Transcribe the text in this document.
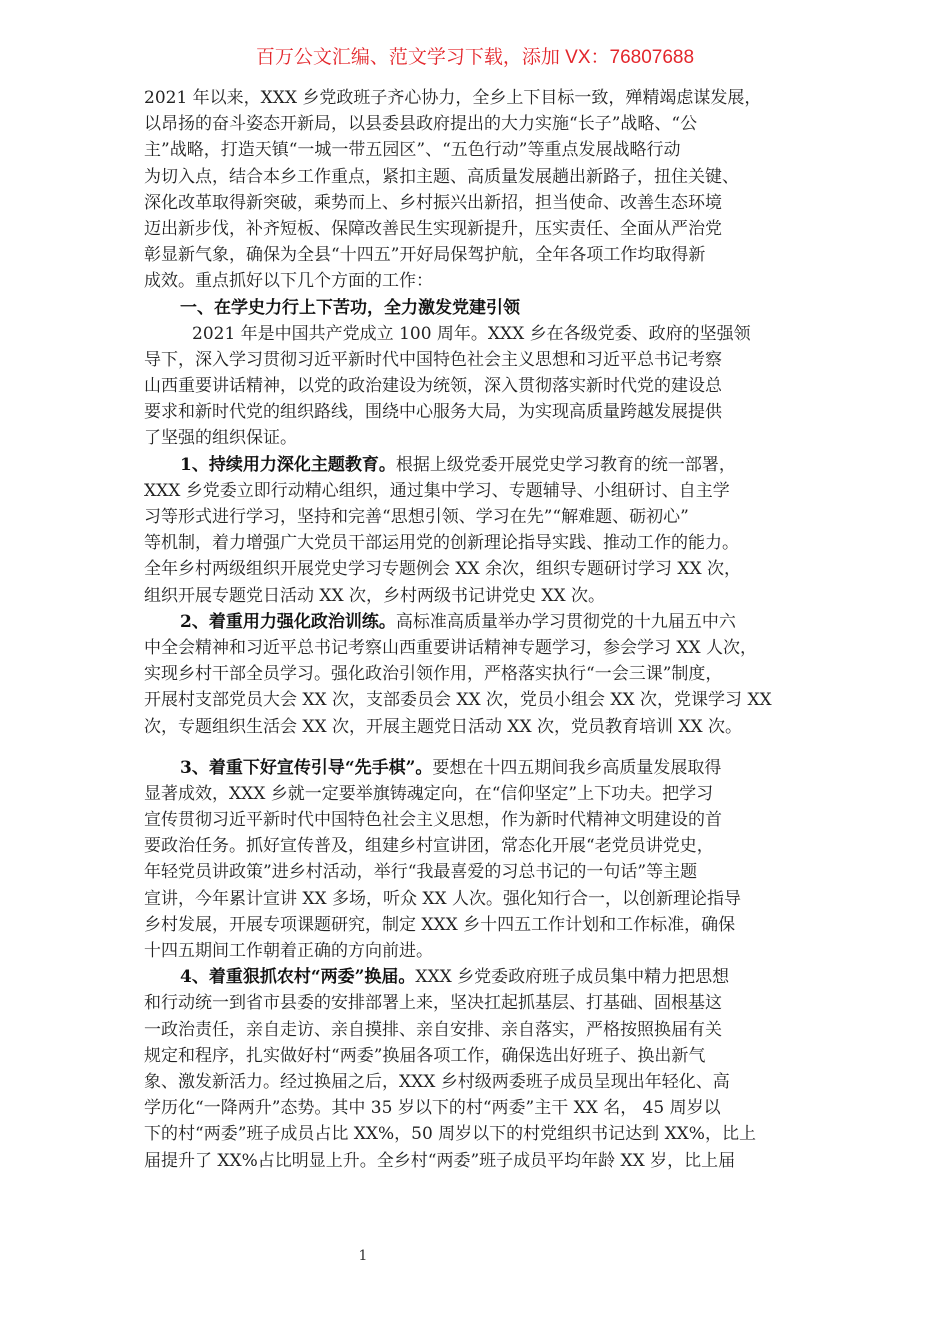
百万公文汇编、范文学习下载，添加 VX：76807688
2021 年以来，XXX 乡党政班子齐心协力，全乡上下目标一致，殚精竭虑谋发展，
以昂扬的奋斗姿态开新局，以县委县政府提出的大力实施“长子”战略、“公
主”战略，打造天镇“一城一带五园区”、“五色行动”等重点发展战略行动
为切入点，结合本乡工作重点，紧扣主题、高质量发展趟出新路子，扭住关键、
深化改革取得新突破，乘势而上、乡村振兴出新招，担当使命、改善生态环境
迈出新步伐，补齐短板、保障改善民生实现新提升，压实责任、全面从严治党
彰显新气象，确保为全县“十四五”开好局保驾护航，全年各项工作均取得新
成效。重点抓好以下几个方面的工作：
一、在学史力行上下苦功，全力激发党建引领
2021 年是中国共产党成立 100 周年。XXX 乡在各级党委、政府的坚强领
导下，深入学习贯彻习近平新时代中国特色社会主义思想和习近平总书记考察
山西重要讲话精神，以党的政治建设为统领，深入贯彻落实新时代党的建设总
要求和新时代党的组织路线，围绕中心服务大局，为实现高质量跨越发展提供
了坚强的组织保证。
1、持续用力深化主题教育。根据上级党委开展党史学习教育的统一部署，
XXX 乡党委立即行动精心组织，通过集中学习、专题辅导、小组研讨、自主学
习等形式进行学习，坚持和完善“思想引领、学习在先”“解难题、砺初心”
等机制，着力增强广大党员干部运用党的创新理论指导实践、推动工作的能力。
全年乡村两级组织开展党史学习专题例会 XX 余次，组织专题研讨学习 XX 次，
组织开展专题党日活动 XX 次，乡村两级书记讲党史 XX 次。
2、着重用力强化政治训练。高标准高质量举办学习贯彻党的十九届五中六
中全会精神和习近平总书记考察山西重要讲话精神专题学习，参会学习 XX 人次，
实现乡村干部全员学习。强化政治引领作用，严格落实执行“一会三课”制度，
开展村支部党员大会 XX 次，支部委员会 XX 次，党员小组会 XX 次，党课学习 XX
次，专题组织生活会 XX 次，开展主题党日活动 XX 次，党员教育培训 XX 次。
3、着重下好宣传引导“先手棋”。要想在十四五期间我乡高质量发展取得
显著成效，XXX 乡就一定要举旗铸魂定向，在“信仰坚定”上下功夫。把学习
宣传贯彻习近平新时代中国特色社会主义思想，作为新时代精神文明建设的首
要政治任务。抓好宣传普及，组建乡村宣讲团，常态化开展“老党员讲党史，
年轻党员讲政策”进乡村活动，举行“我最喜爱的习总书记的一句话”等主题
宣讲，今年累计宣讲 XX 多场，听众 XX 人次。强化知行合一，以创新理论指导
乡村发展，开展专项课题研究，制定 XXX 乡十四五工作计划和工作标准，确保
十四五期间工作朝着正确的方向前进。
4、着重狠抓农村“两委”换届。XXX 乡党委政府班子成员集中精力把思想
和行动统一到省市县委的安排部署上来，坚决扛起抓基层、打基础、固根基这
一政治责任，亲自走访、亲自摸排、亲自安排、亲自落实，严格按照换届有关
规定和程序，扎实做好村“两委”换届各项工作，确保选出好班子、换出新气
象、激发新活力。经过换届之后，XXX 乡村级两委班子成员呈现出年轻化、高
学历化“一降两升”态势。其中 35 岁以下的村“两委”主干 XX 名， 45 周岁以
下的村“两委”班子成员占比 XX%，50 周岁以下的村党组织书记达到 XX%，比上
届提升了 XX%占比明显上升。全乡村“两委”班子成员平均年龄 XX 岁，比上届
1
